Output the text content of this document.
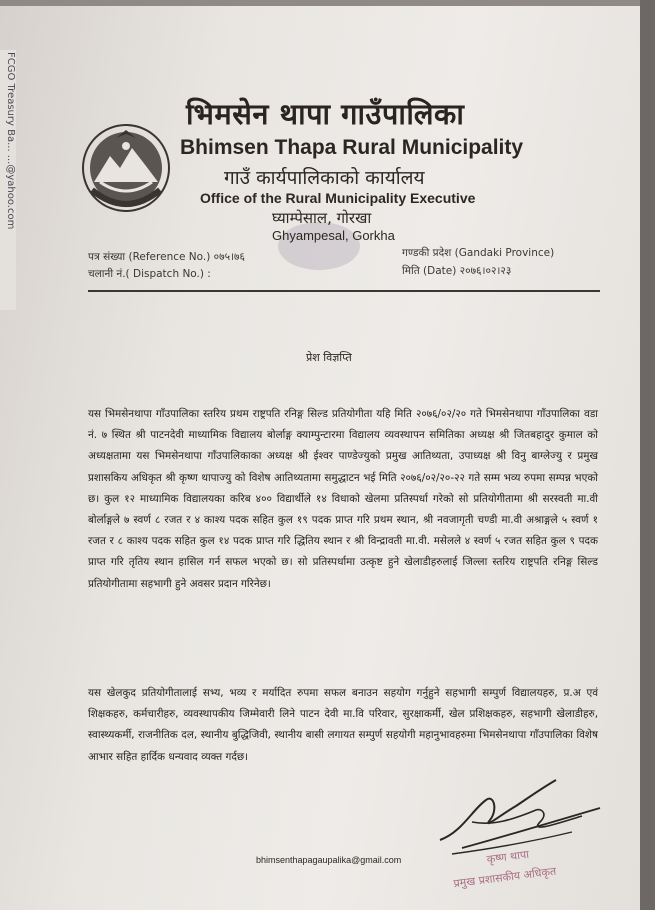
FCGO Treasury Ba... ...@yahoo.com	भिमसेन थापा गाउँपालिका
Bhimsen Thapa Rural Municipality
गाउँ कार्यपालिकाको कार्यालय
Office of the Rural Municipality Executive
घ्याम्पेसाल, गोरखा
Ghyampesal, Gorkha
पत्र संख्या (Reference No.) ०७५।७६
चलानी नं.( Dispatch No.) :
गण्डकी प्रदेश (Gandaki Province)
मिति (Date) २०७६।०२।२३
प्रेश विज्ञप्ति

यस भिमसेनथापा गाँउपालिका स्तरिय प्रथम राष्ट्रपति रनिङ्ग सिल्ड प्रतियोगीता यहि मिति २०७६/०२/२० गते भिमसेनथापा गाँउपालिका वडा नं. ७ स्थित श्री पाटनदेवी माध्यामिक विद्यालय बोर्लाङ्ग क्याम्पुन्टारमा विद्यालय व्यवस्थापन समितिका अध्यक्ष श्री जितबहादुर कुमाल को अध्यक्षतामा यस भिमसेनथापा गाँउपालिकाका अध्यक्ष श्री ईश्वर पाण्डेज्युको प्रमुख आतिथ्यता, उपाध्यक्ष श्री विनु बाग्लेज्यु र प्रमुख प्रशासकिय अधिकृत श्री कृष्ण थापाज्यु को विशेष आतिथ्यतामा समुद्धाटन भई मिति २०७६/०२/२०-२२ गते सम्म भव्य रुपमा सम्पन्न भएको छ। कुल १२ माध्यामिक विद्यालयका करिब ४०० विद्यार्थीले १४ विधाको खेलमा प्रतिस्पर्धा गरेको सो प्रतियोगीतामा श्री सरस्वती मा.वी बोर्लाङ्गले ७ स्वर्ण ८ रजत र ४ काश्य पदक सहित कुल १९ पदक प्राप्त गरि प्रथम स्थान, श्री नवजागृती चण्डी मा.वी अश्राङ्गले ५ स्वर्ण १ रजत र ८ काश्य पदक सहित कुल १४ पदक प्राप्त गरि द्धितिय स्थान र श्री विन्द्रावती मा.वी. मसेलले ४ स्वर्ण ५ रजत सहित कुल ९ पदक प्राप्त गरि तृतिय स्थान हासिल गर्न सफल भएको छ। सो प्रतिस्पर्धामा उत्कृष्ट हुने खेलाडीहरुलाई जिल्ला स्तरिय राष्ट्रपति रनिङ्ग सिल्ड प्रतियोगीतामा सहभागी हुने अवसर प्रदान गरिनेछ।

यस खेलकुद प्रतियोगीतालाई सभ्य, भव्य र मर्यादित रुपमा सफल बनाउन सहयोग गर्नुहुने सहभागी सम्पुर्ण विद्यालयहरु, प्र.अ एवं शिक्षकहरु, कर्मचारीहरु, व्यवस्थापकीय जिम्मेवारी लिने पाटन देवी मा.वि परिवार, सुरक्षाकर्मी, खेल प्रशिक्षकहरु, सहभागी खेलाडीहरु, स्वास्थ्यकर्मी, राजनीतिक दल, स्थानीय बुद्धिजिवी, स्थानीय बासी लगायत सम्पुर्ण सहयोगी महानुभावहरुमा भिमसेनथापा गाँउपालिका विशेष आभार सहित हार्दिक धन्यवाद व्यक्त गर्दछ।

bhimsenthapagaupalika@gmail.com	कृष्ण थापा
प्रमुख प्रशासकीय अधिकृत
